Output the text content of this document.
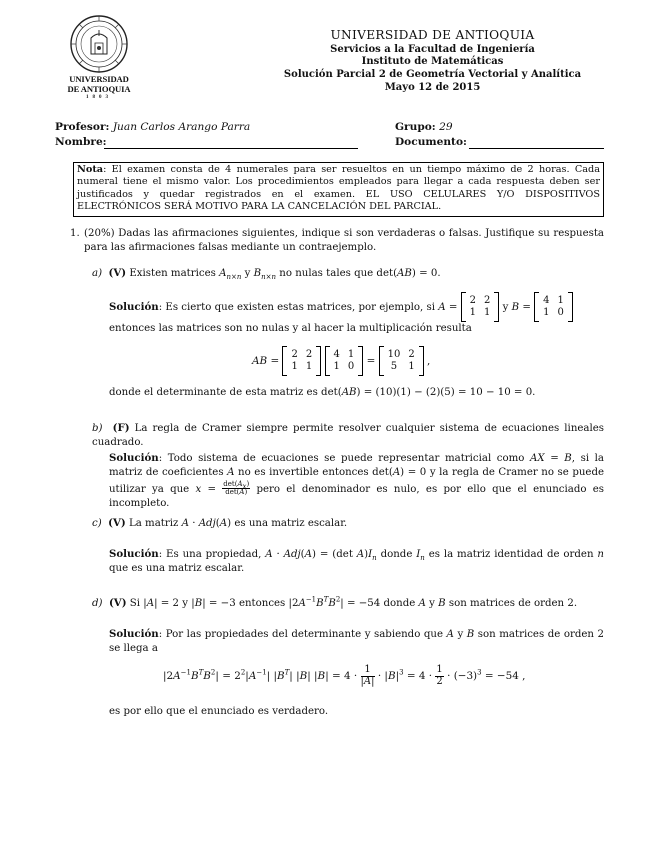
UNIVERSIDAD
DE ANTIOQUIA
1803
UNIVERSIDAD DE ANTIOQUIA
Servicios a la Facultad de Ingeniería
Instituto de Matemáticas
Solución Parcial 2 de Geometría Vectorial y Analítica
Mayo 12 de 2015
Profesor: Juan Carlos Arango Parra	Grupo: 29
Nombre:	Documento:
Nota: El examen consta de 4 numerales para ser resueltos en un tiempo máximo de 2 horas. Cada numeral tiene el mismo valor. Los procedimientos empleados para llegar a cada respuesta deben ser justificados y quedar registrados en el examen. EL USO CELULARES Y/O DISPOSITIVOS ELECTRÓNICOS SERÁ MOTIVO PARA LA CANCELACIÓN DEL PARCIAL.
1. (20%) Dadas las afirmaciones siguientes, indique si son verdaderas o falsas. Justifique su respuesta para las afirmaciones falsas mediante un contraejemplo.
a) (V) Existen matrices $A_{n\times n}$ y $B_{n\times n}$ no nulas tales que det(AB) = 0.
Solución: Es cierto que existen estas matrices, por ejemplo, si A =
2 2
1 1 y B =
4 1
1 0

entonces las matrices son no nulas y al hacer la multiplicación resulta
AB =
2 2
1 1

4 1
1 0 =
10 2
5	1 ,
donde el determinante de esta matriz es det(AB) = (10)(1) − (2)(5) = 10 − 10 = 0.
b) (F) La regla de Cramer siempre permite resolver cualquier sistema de ecuaciones lineales cuadrado.
Solución: Todo sistema de ecuaciones se puede representar matricial como AX = B, si la matriz de coeficientes A no es invertible entonces det(A) = 0 y la regla de Cramer no se puede utilizar ya que $x = \frac{\det(A_x)}{\det(A)}$ pero el denominador es nulo, es por ello que el enunciado es incompleto.
c) (V) La matriz A · Adj(A) es una matriz escalar.
Solución: Es una propiedad, A · Adj(A) = (det $A)I_n$ donde $I_n$ es la matriz identidad de orden n que es una matriz escalar.
d) (V) Si |A| = 2 y |B| = −3 entonces $|2A^{-1}B^TB^2| = -54$ donde A y B son matrices de orden 2.
Solución: Por las propiedades del determinante y sabiendo que A y B son matrices de orden 2 se llega a
$|2A^{-1}B^TB^2| = 2^2|A^{-1}|$ $|B^T|$ |B| $|B| = 4 \cdot \frac{1}{|A|} \cdot |B|^3 = 4 \cdot \frac{1}{2} \cdot (-3)^3 = -54$ ,
es por ello que el enunciado es verdadero.
